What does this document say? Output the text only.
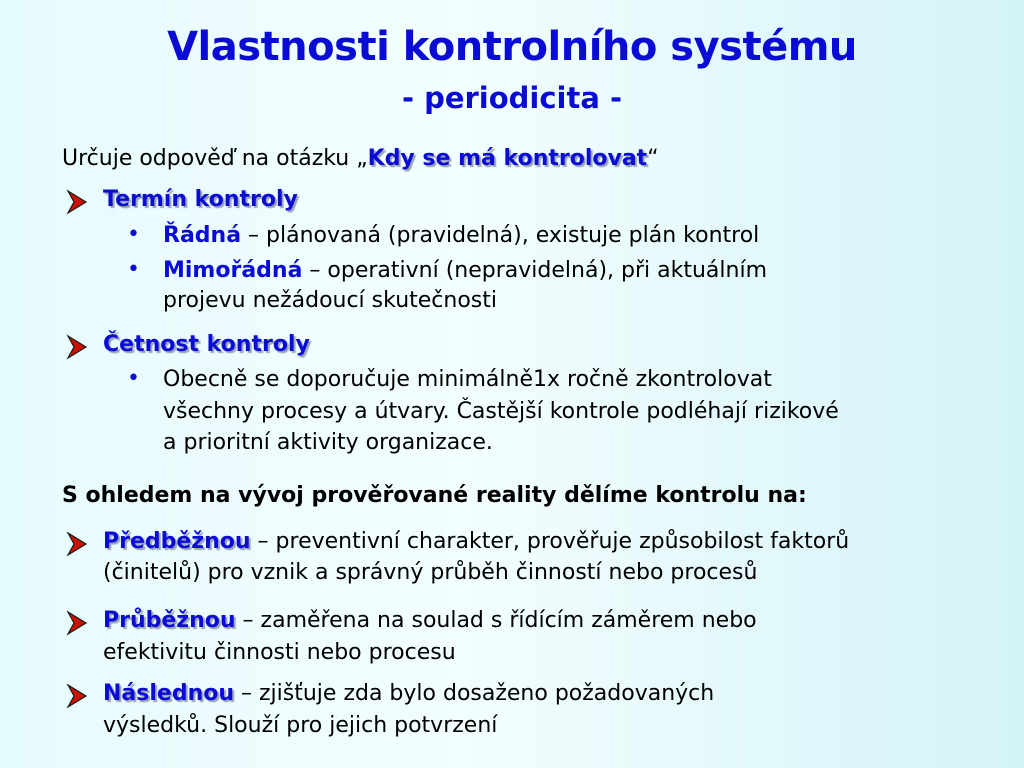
Vlastnosti kontrolního systému
- periodicita -
Určuje odpověď na otázku „Kdy se má kontrolovat“
Termín kontroly
• Řádná – plánovaná (pravidelná), existuje plán kontrol
• Mimořádná – operativní (nepravidelná), při aktuálním
projevu nežádoucí skutečnosti
Četnost kontroly
• Obecně se doporučuje minimálně1x ročně zkontrolovat
všechny procesy a útvary. Častější kontrole podléhají rizikové
a prioritní aktivity organizace.
S ohledem na vývoj prověřované reality dělíme kontrolu na:
Předběžnou – preventivní charakter, prověřuje způsobilost faktorů
(činitelů) pro vznik a správný průběh činností nebo procesů
Průběžnou – zaměřena na soulad s řídícím záměrem nebo
efektivitu činnosti nebo procesu
Následnou – zjišťuje zda bylo dosaženo požadovaných
výsledků. Slouží pro jejich potvrzení
